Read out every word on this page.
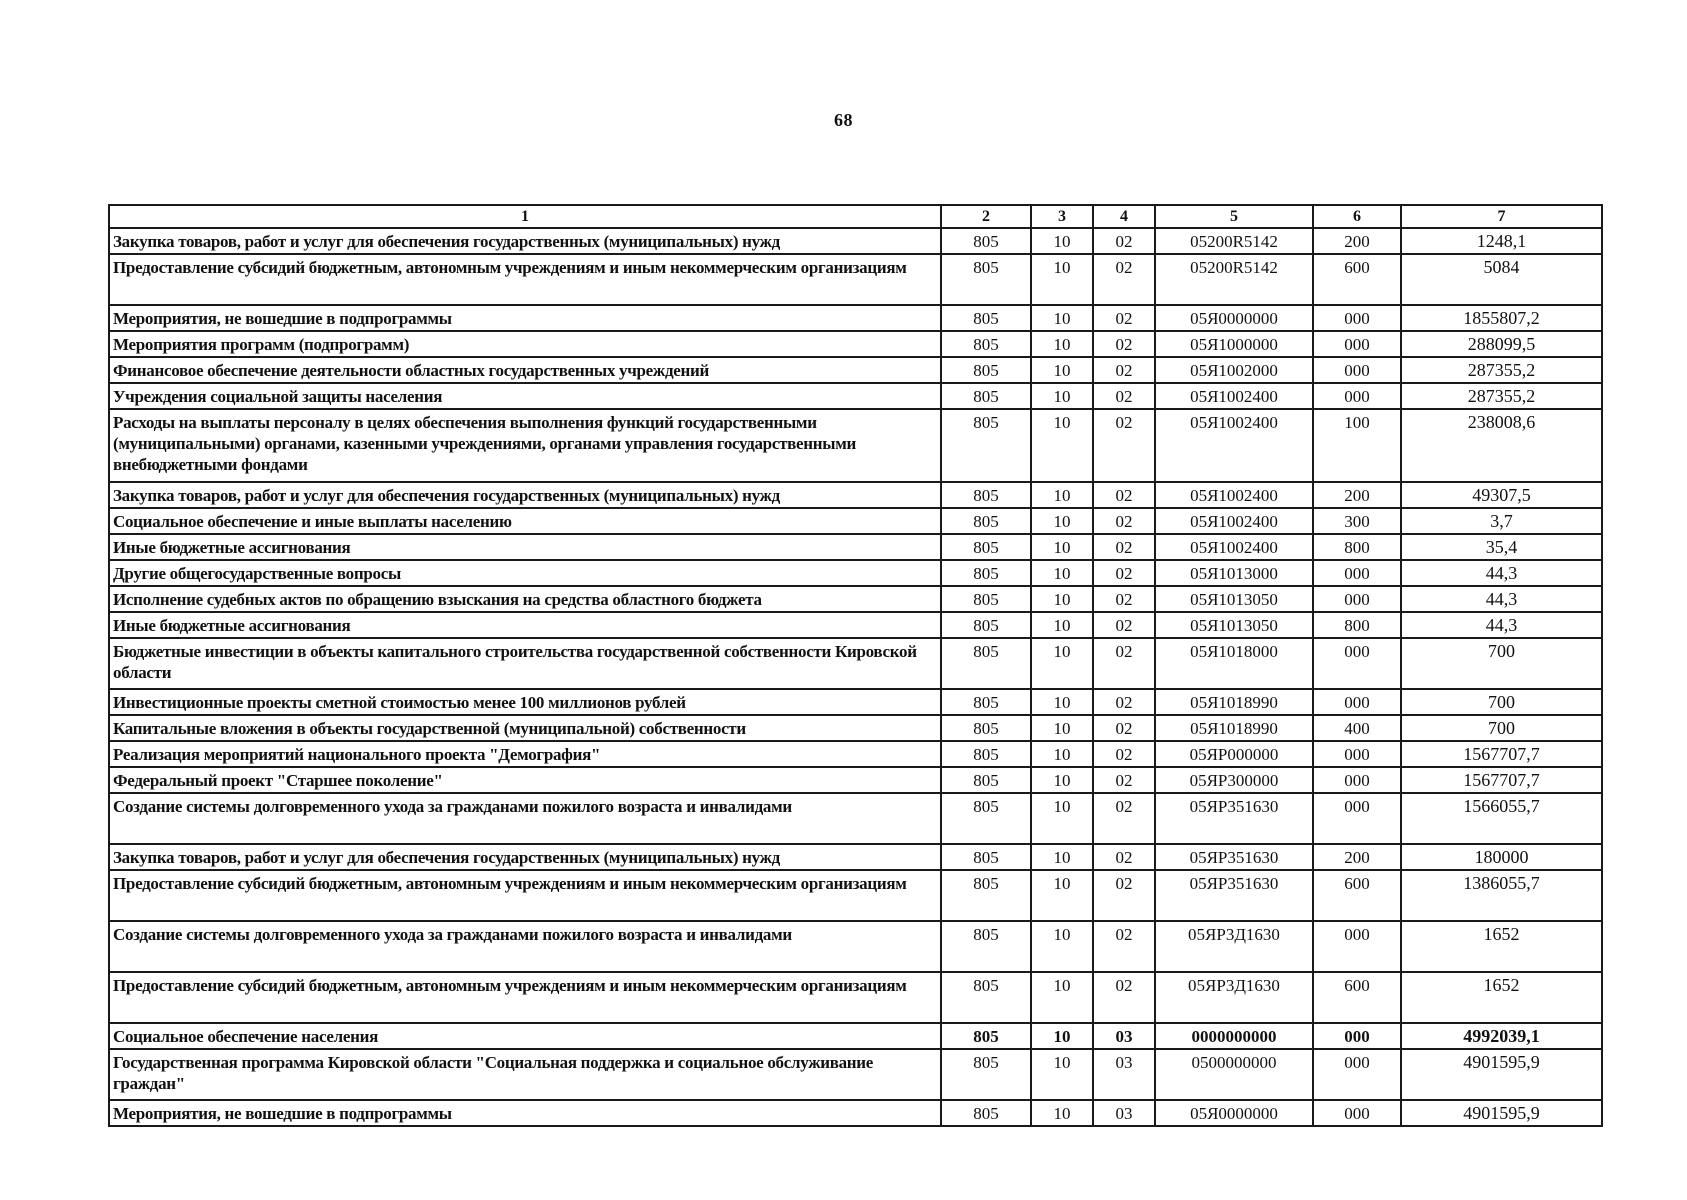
68
1	2	3	4	5	6	7
Закупка товаров, работ и услуг для обеспечения государственных (муниципальных) нужд	805	10	02	05200R5142	200	1248,1
Предоставление субсидий бюджетным, автономным учреждениям и иным некоммерческим организациям	805	10	02	05200R5142	600	5084
Мероприятия, не вошедшие в подпрограммы	805	10	02	05Я0000000	000	1855807,2
Мероприятия программ (подпрограмм)	805	10	02	05Я1000000	000	288099,5
Финансовое обеспечение деятельности областных государственных учреждений	805	10	02	05Я1002000	000	287355,2
Учреждения социальной защиты населения	805	10	02	05Я1002400	000	287355,2
Расходы на выплаты персоналу в целях обеспечения выполнения функций государственными (муниципальными) органами, казенными учреждениями, органами управления государственными внебюджетными фондами	805	10	02	05Я1002400	100	238008,6
Закупка товаров, работ и услуг для обеспечения государственных (муниципальных) нужд	805	10	02	05Я1002400	200	49307,5
Социальное обеспечение и иные выплаты населению	805	10	02	05Я1002400	300	3,7
Иные бюджетные ассигнования	805	10	02	05Я1002400	800	35,4
Другие общегосударственные вопросы	805	10	02	05Я1013000	000	44,3
Исполнение судебных актов по обращению взыскания на средства областного бюджета	805	10	02	05Я1013050	000	44,3
Иные бюджетные ассигнования	805	10	02	05Я1013050	800	44,3
Бюджетные инвестиции в объекты капитального строительства государственной собственности Кировской области	805	10	02	05Я1018000	000	700
Инвестиционные проекты сметной стоимостью менее 100 миллионов рублей	805	10	02	05Я1018990	000	700
Капитальные вложения в объекты государственной (муниципальной) собственности	805	10	02	05Я1018990	400	700
Реализация мероприятий национального проекта "Демография"	805	10	02	05ЯР000000	000	1567707,7
Федеральный проект "Старшее поколение"	805	10	02	05ЯР300000	000	1567707,7
Создание системы долговременного ухода за гражданами пожилого возраста и инвалидами	805	10	02	05ЯР351630	000	1566055,7
Закупка товаров, работ и услуг для обеспечения государственных (муниципальных) нужд	805	10	02	05ЯР351630	200	180000
Предоставление субсидий бюджетным, автономным учреждениям и иным некоммерческим организациям	805	10	02	05ЯР351630	600	1386055,7
Создание системы долговременного ухода за гражданами пожилого возраста и инвалидами	805	10	02	05ЯР3Д1630	000	1652
Предоставление субсидий бюджетным, автономным учреждениям и иным некоммерческим организациям	805	10	02	05ЯР3Д1630	600	1652
Социальное обеспечение населения	805	10	03	0000000000	000	4992039,1
Государственная программа Кировской области "Социальная поддержка и социальное обслуживание граждан"	805	10	03	0500000000	000	4901595,9
Мероприятия, не вошедшие в подпрограммы	805	10	03	05Я0000000	000	4901595,9
